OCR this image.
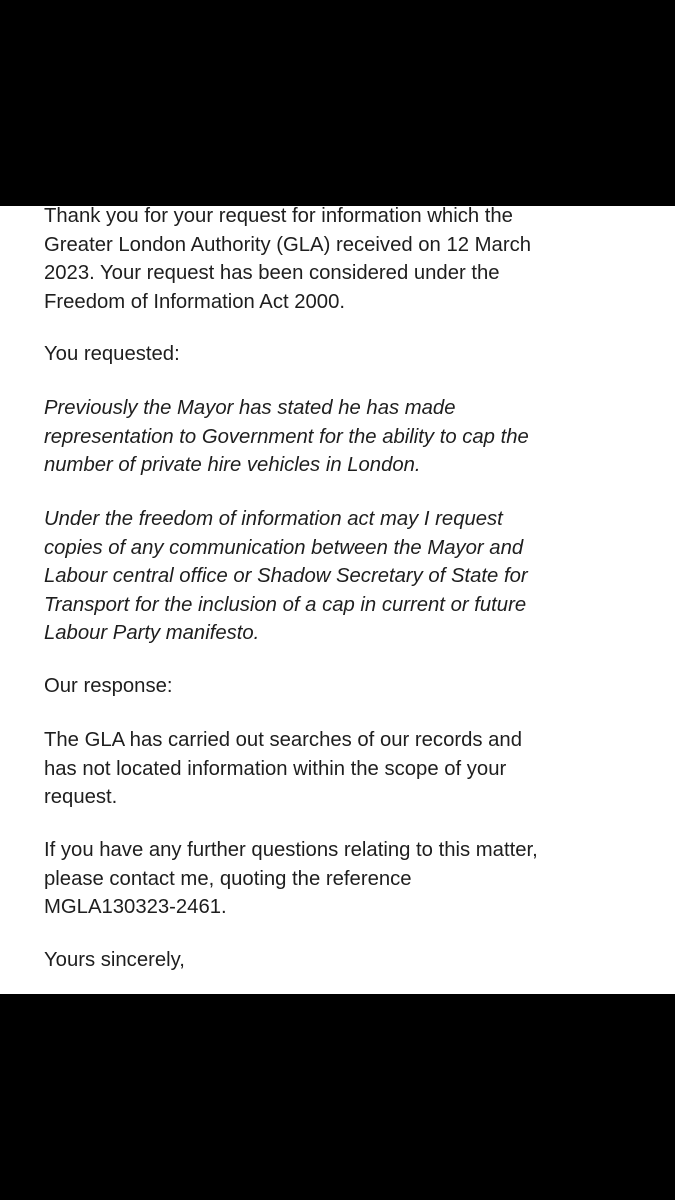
Thank you for your request for information which the
Greater London Authority (GLA) received on 12 March
2023. Your request has been considered under the
Freedom of Information Act 2000.

You requested:

Previously the Mayor has stated he has made
representation to Government for the ability to cap the
number of private hire vehicles in London.

Under the freedom of information act may I request
copies of any communication between the Mayor and
Labour central office or Shadow Secretary of State for
Transport for the inclusion of a cap in current or future
Labour Party manifesto.

Our response:

The GLA has carried out searches of our records and
has not located information within the scope of your
request.

If you have any further questions relating to this matter,
please contact me, quoting the reference
MGLA130323-2461.

Yours sincerely,
